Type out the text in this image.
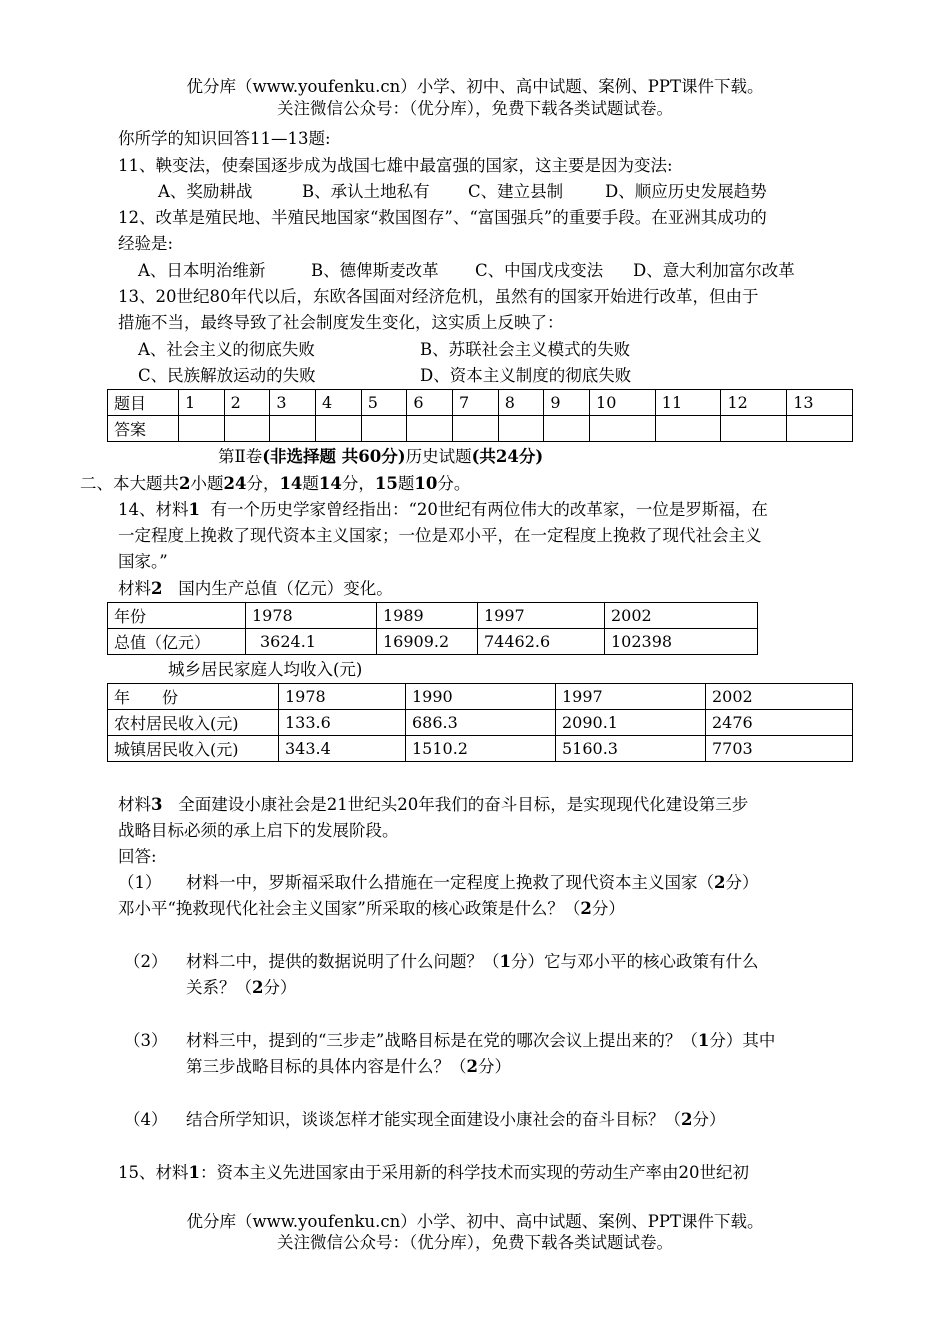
优分库（www.youfenku.cn）小学、初中、高中试题、案例、PPT课件下载。
关注微信公众号：（优分库），免费下载各类试题试卷。
你所学的知识回答11—13题:
11、鞅变法，使秦国逐步成为战国七雄中最富强的国家，这主要是因为变法:
A、奖励耕战	B、承认土地私有 C、建立县制	D、顺应历史发展趋势
12、改革是殖民地、半殖民地国家“救国图存”、“富国强兵”的重要手段。在亚洲其成功的
经验是:
A、日本明治维新	B、德俾斯麦改革 C、中国戊戌变法 D、意大利加富尔改革
13、20世纪80年代以后，东欧各国面对经济危机，虽然有的国家开始进行改革，但由于
措施不当，最终导致了社会制度发生变化，这实质上反映了：
A、社会主义的彻底失败	B、苏联社会主义模式的失败
C、民族解放运动的失败	D、资本主义制度的彻底失败
题目	1	2	3	4	5	6	7	8	9	10	11	12	13
答案													
第Ⅱ卷(非选择题 共60分)历史试题(共24分)
二、本大题共2小题24分，14题14分，15题10分。
14、材料1 有一个历史学家曾经指出：“20世纪有两位伟大的改革家，一位是罗斯福，在
一定程度上挽救了现代资本主义国家；一位是邓小平，在一定程度上挽救了现代社会主义
国家。”
材料2 国内生产总值（亿元）变化。
年份	1978	1989	1997	2002
总值（亿元）	3624.1	16909.2	74462.6	102398
城乡居民家庭人均收入(元)
年　　份	1978	1990	1997	2002
农村居民收入(元)	133.6	686.3	2090.1	2476
城镇居民收入(元)	343.4	1510.2	5160.3	7703
材料3 全面建设小康社会是21世纪头20年我们的奋斗目标，是实现现代化建设第三步
战略目标必须的承上启下的发展阶段。
回答:
（1） 材料一中，罗斯福采取什么措施在一定程度上挽救了现代资本主义国家（2分）
邓小平“挽救现代化社会主义国家”所采取的核心政策是什么？（2分）
（2） 材料二中，提供的数据说明了什么问题？（1分）它与邓小平的核心政策有什么
关系？（2分）
（3） 材料三中，提到的“三步走”战略目标是在党的哪次会议上提出来的？（1分）其中
第三步战略目标的具体内容是什么？（2分）
（4） 结合所学知识，谈谈怎样才能实现全面建设小康社会的奋斗目标？（2分）
15、材料1：资本主义先进国家由于采用新的科学技术而实现的劳动生产率由20世纪初
优分库（www.youfenku.cn）小学、初中、高中试题、案例、PPT课件下载。
关注微信公众号：（优分库），免费下载各类试题试卷。
